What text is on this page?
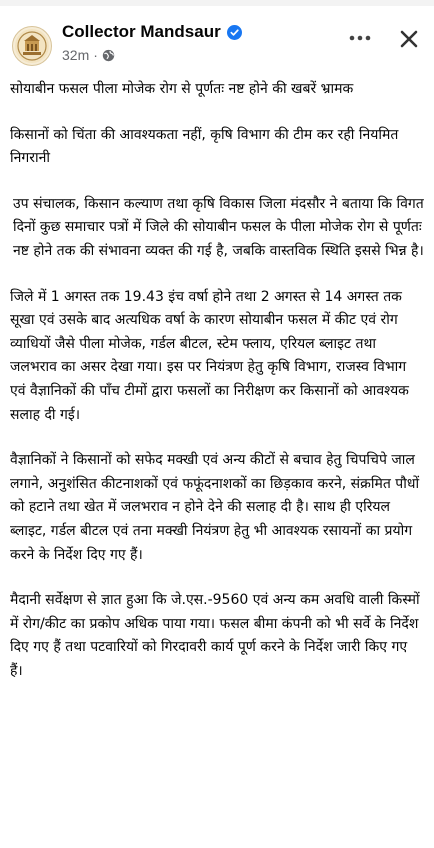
Collector Mandsaur
32m ·

सोयाबीन फसल पीला मोजेक रोग से पूर्णतः नष्ट होने की खबरें भ्रामक

किसानों को चिंता की आवश्यकता नहीं, कृषि विभाग की टीम कर रही नियमित निगरानी

उप संचालक, किसान कल्याण तथा कृषि विकास जिला मंदसौर ने बताया कि विगत दिनों कुछ समाचार पत्रों में जिले की सोयाबीन फसल के पीला मोजेक रोग से पूर्णतः नष्ट होने तक की संभावना व्यक्त की गई है, जबकि वास्तविक स्थिति इससे भिन्न है।

जिले में 1 अगस्त तक 19.43 इंच वर्षा होने तथा 2 अगस्त से 14 अगस्त तक सूखा एवं उसके बाद अत्यधिक वर्षा के कारण सोयाबीन फसल में कीट एवं रोग व्याधियों जैसे पीला मोजेक, गर्डल बीटल, स्टेम फ्लाय, एरियल ब्लाइट तथा जलभराव का असर देखा गया। इस पर नियंत्रण हेतु कृषि विभाग, राजस्व विभाग एवं वैज्ञानिकों की पाँच टीमों द्वारा फसलों का निरीक्षण कर किसानों को आवश्यक सलाह दी गई।

वैज्ञानिकों ने किसानों को सफेद मक्खी एवं अन्य कीटों से बचाव हेतु चिपचिपे जाल लगाने, अनुशंसित कीटनाशकों एवं फफूंदनाशकों का छिड़काव करने, संक्रमित पौधों को हटाने तथा खेत में जलभराव न होने देने की सलाह दी है। साथ ही एरियल ब्लाइट, गर्डल बीटल एवं तना मक्खी नियंत्रण हेतु भी आवश्यक रसायनों का प्रयोग करने के निर्देश दिए गए हैं।

मैदानी सर्वेक्षण से ज्ञात हुआ कि जे.एस.-9560 एवं अन्य कम अवधि वाली किस्मों में रोग/कीट का प्रकोप अधिक पाया गया। फसल बीमा कंपनी को भी सर्वे के निर्देश दिए गए हैं तथा पटवारियों को गिरदावरी कार्य पूर्ण करने के निर्देश जारी किए गए हैं।
